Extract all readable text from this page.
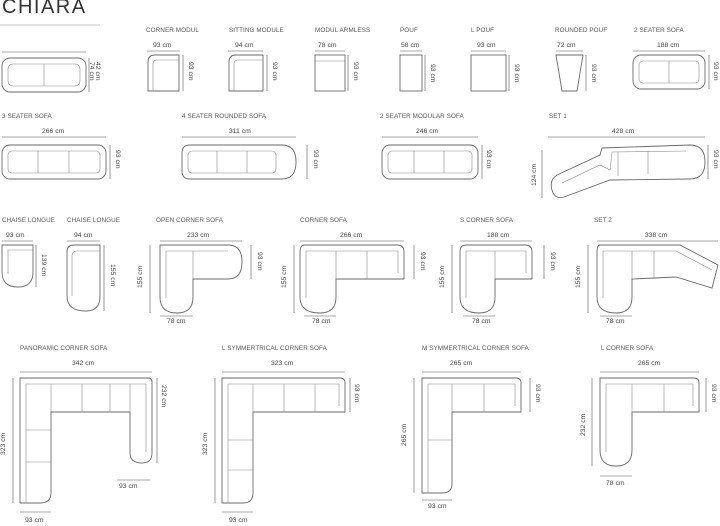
CHIARA
74 cm 42 cm
CORNER MODUL
93 cm
93 cm
SITTING MODULE
94 cm
93 cm
MODUL ARMLESS
78 cm
93 cm
POUF
58 cm
93 cm
L POUF
93 cm
93 cm
ROUNDED POUF
72 cm
93 cm
2 SEATER SOFA
188 cm
93 cm
3 SEATER SOFA
266 cm
93 cm
4 SEATER ROUNDED SOFA
311 cm
93 cm
2 SEATER MODULAR SOFA
246 cm
93 cm
SET 1
428 cm
124 cm
93 cm
CHAISE LONGUE
93 cm
139 cm
CHAISE LONGUE
94 cm
155 cm
OPEN CORNER SOFA
233 cm
155 cm
93 cm
78 cm
CORNER SOFA
266 cm
155 cm
93 cm
78 cm
S CORNER SOFA
188 cm
155 cm
93 cm
78 cm
SET 2
338 cm
155 cm
78 cm
PANORAMIC CORNER SOFA
342 cm
323 cm
232 cm
93 cm
93 cm
L SYMMERTRICAL CORNER SOFA
323 cm
323 cm
93 cm
93 cm
M SYMMERTRICAL CORNER SOFA
265 cm
265 cm
93 cm
93 cm
L CORNER SOFA
265 cm
232 cm
93 cm
78 cm
